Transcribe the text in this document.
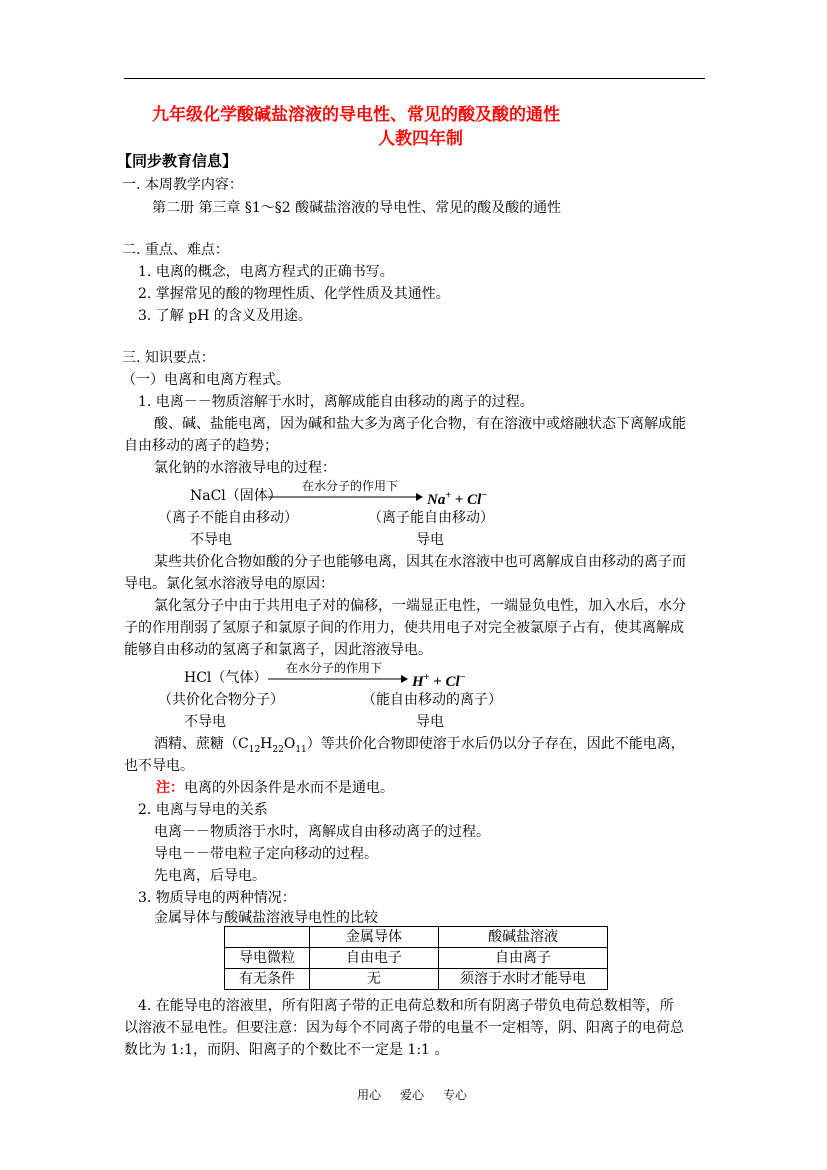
九年级化学酸碱盐溶液的导电性、常见的酸及酸的通性
人教四年制
【同步教育信息】
一. 本周教学内容：
第二册 第三章 §1～§2 酸碱盐溶液的导电性、常见的酸及酸的通性
二. 重点、难点：
1. 电离的概念，电离方程式的正确书写。
2. 掌握常见的酸的物理性质、化学性质及其通性。
3. 了解 pH 的含义及用途。
三. 知识要点：
（一）电离和电离方程式。
1. 电离－－物质溶解于水时，离解成能自由移动的离子的过程。
酸、碱、盐能电离，因为碱和盐大多为离子化合物，有在溶液中或熔融状态下离解成能
自由移动的离子的趋势；
氯化钠的水溶液导电的过程：
NaCl（固体）
在水分子的作用下
Na+ + Cl−
（离子不能自由移动）	（离子能自由移动）
不导电	导电
某些共价化合物如酸的分子也能够电离，因其在水溶液中也可离解成自由移动的离子而
导电。氯化氢水溶液导电的原因：
氯化氢分子中由于共用电子对的偏移，一端显正电性，一端显负电性，加入水后，水分
子的作用削弱了氢原子和氯原子间的作用力，使共用电子对完全被氯原子占有，使其离解成
能够自由移动的氢离子和氯离子，因此溶液导电。
HCl（气体）
在水分子的作用下
H+ + Cl−
（共价化合物分子）	（能自由移动的离子）
不导电	导电
酒精、蔗糖$(C_{12}H_{22}O_{11})$等共价化合物即使溶于水后仍以分子存在，因此不能电离，
也不导电。
注：电离的外因条件是水而不是通电。
2. 电离与导电的关系
电离－－物质溶于水时，离解成自由移动离子的过程。
导电－－带电粒子定向移动的过程。
先电离，后导电。
3. 物质导电的两种情况：
金属导体与酸碱盐溶液导电性的比较
	金属导体	酸碱盐溶液
导电微粒	自由电子	自由离子
有无条件	无	须溶于水时才能导电
4. 在能导电的溶液里，所有阳离子带的正电荷总数和所有阴离子带负电荷总数相等，所
以溶液不显电性。但要注意：因为每个不同离子带的电量不一定相等，阴、阳离子的电荷总
数比为 1:1，而阴、阳离子的个数比不一定是 1:1 。
用心 爱心 专心
